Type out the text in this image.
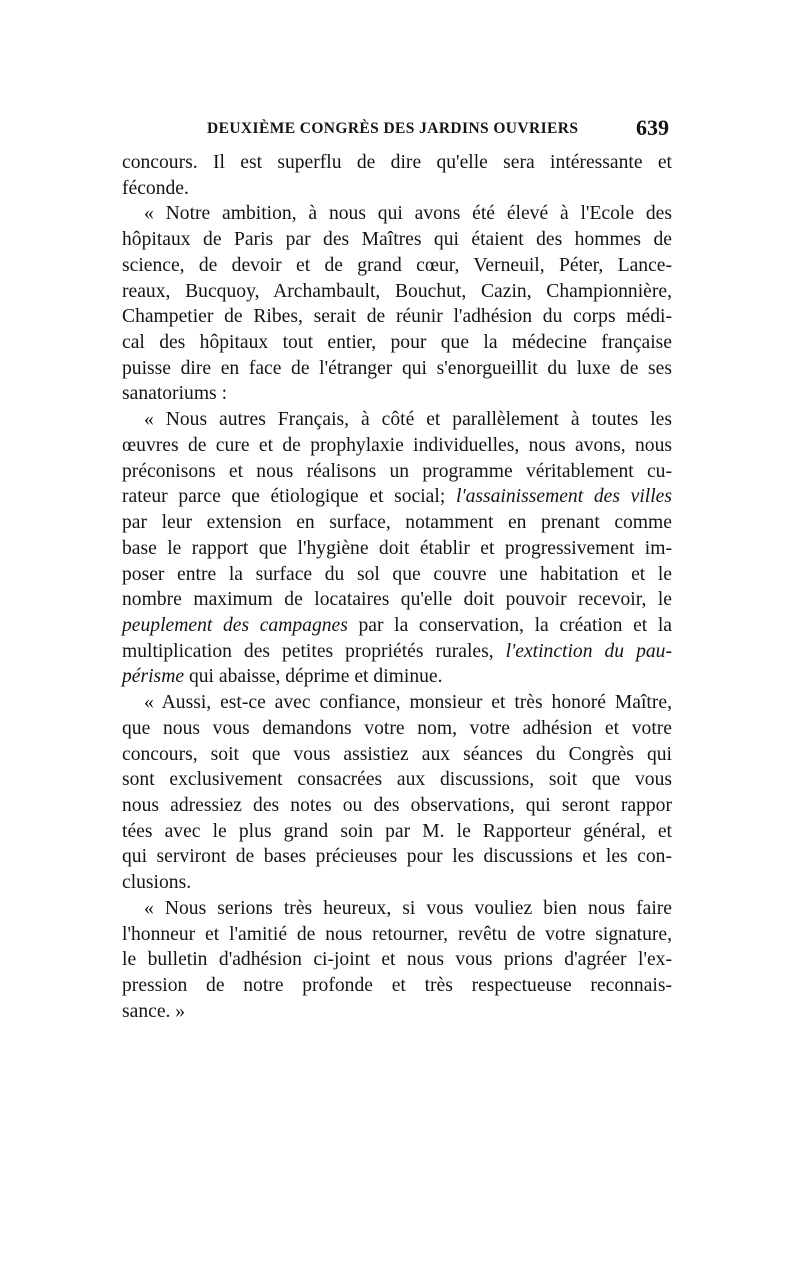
DEUXIÈME CONGRÈS DES JARDINS OUVRIERS	639
concours. Il est superflu de dire qu'elle sera intéressante et
féconde.
« Notre ambition, à nous qui avons été élevé à l'Ecole des
hôpitaux de Paris par des Maîtres qui étaient des hommes de
science, de devoir et de grand cœur, Verneuil, Péter, Lance-
reaux, Bucquoy, Archambault, Bouchut, Cazin, Championnière,
Champetier de Ribes, serait de réunir l'adhésion du corps médi-
cal des hôpitaux tout entier, pour que la médecine française
puisse dire en face de l'étranger qui s'enorgueillit du luxe de ses
sanatoriums :
« Nous autres Français, à côté et parallèlement à toutes les
œuvres de cure et de prophylaxie individuelles, nous avons, nous
préconisons et nous réalisons un programme véritablement cu-
rateur parce que étiologique et social; l'assainissement des villes
par leur extension en surface, notamment en prenant comme
base le rapport que l'hygiène doit établir et progressivement im-
poser entre la surface du sol que couvre une habitation et le
nombre maximum de locataires qu'elle doit pouvoir recevoir, le
peuplement des campagnes par la conservation, la création et la
multiplication des petites propriétés rurales, l'extinction du pau-
périsme qui abaisse, déprime et diminue.
« Aussi, est-ce avec confiance, monsieur et très honoré Maître,
que nous vous demandons votre nom, votre adhésion et votre
concours, soit que vous assistiez aux séances du Congrès qui
sont exclusivement consacrées aux discussions, soit que vous
nous adressiez des notes ou des observations, qui seront rappor
tées avec le plus grand soin par M. le Rapporteur général, et
qui serviront de bases précieuses pour les discussions et les con-
clusions.
« Nous serions très heureux, si vous vouliez bien nous faire
l'honneur et l'amitié de nous retourner, revêtu de votre signature,
le bulletin d'adhésion ci-joint et nous vous prions d'agréer l'ex-
pression de notre profonde et très respectueuse reconnais-
sance. »
